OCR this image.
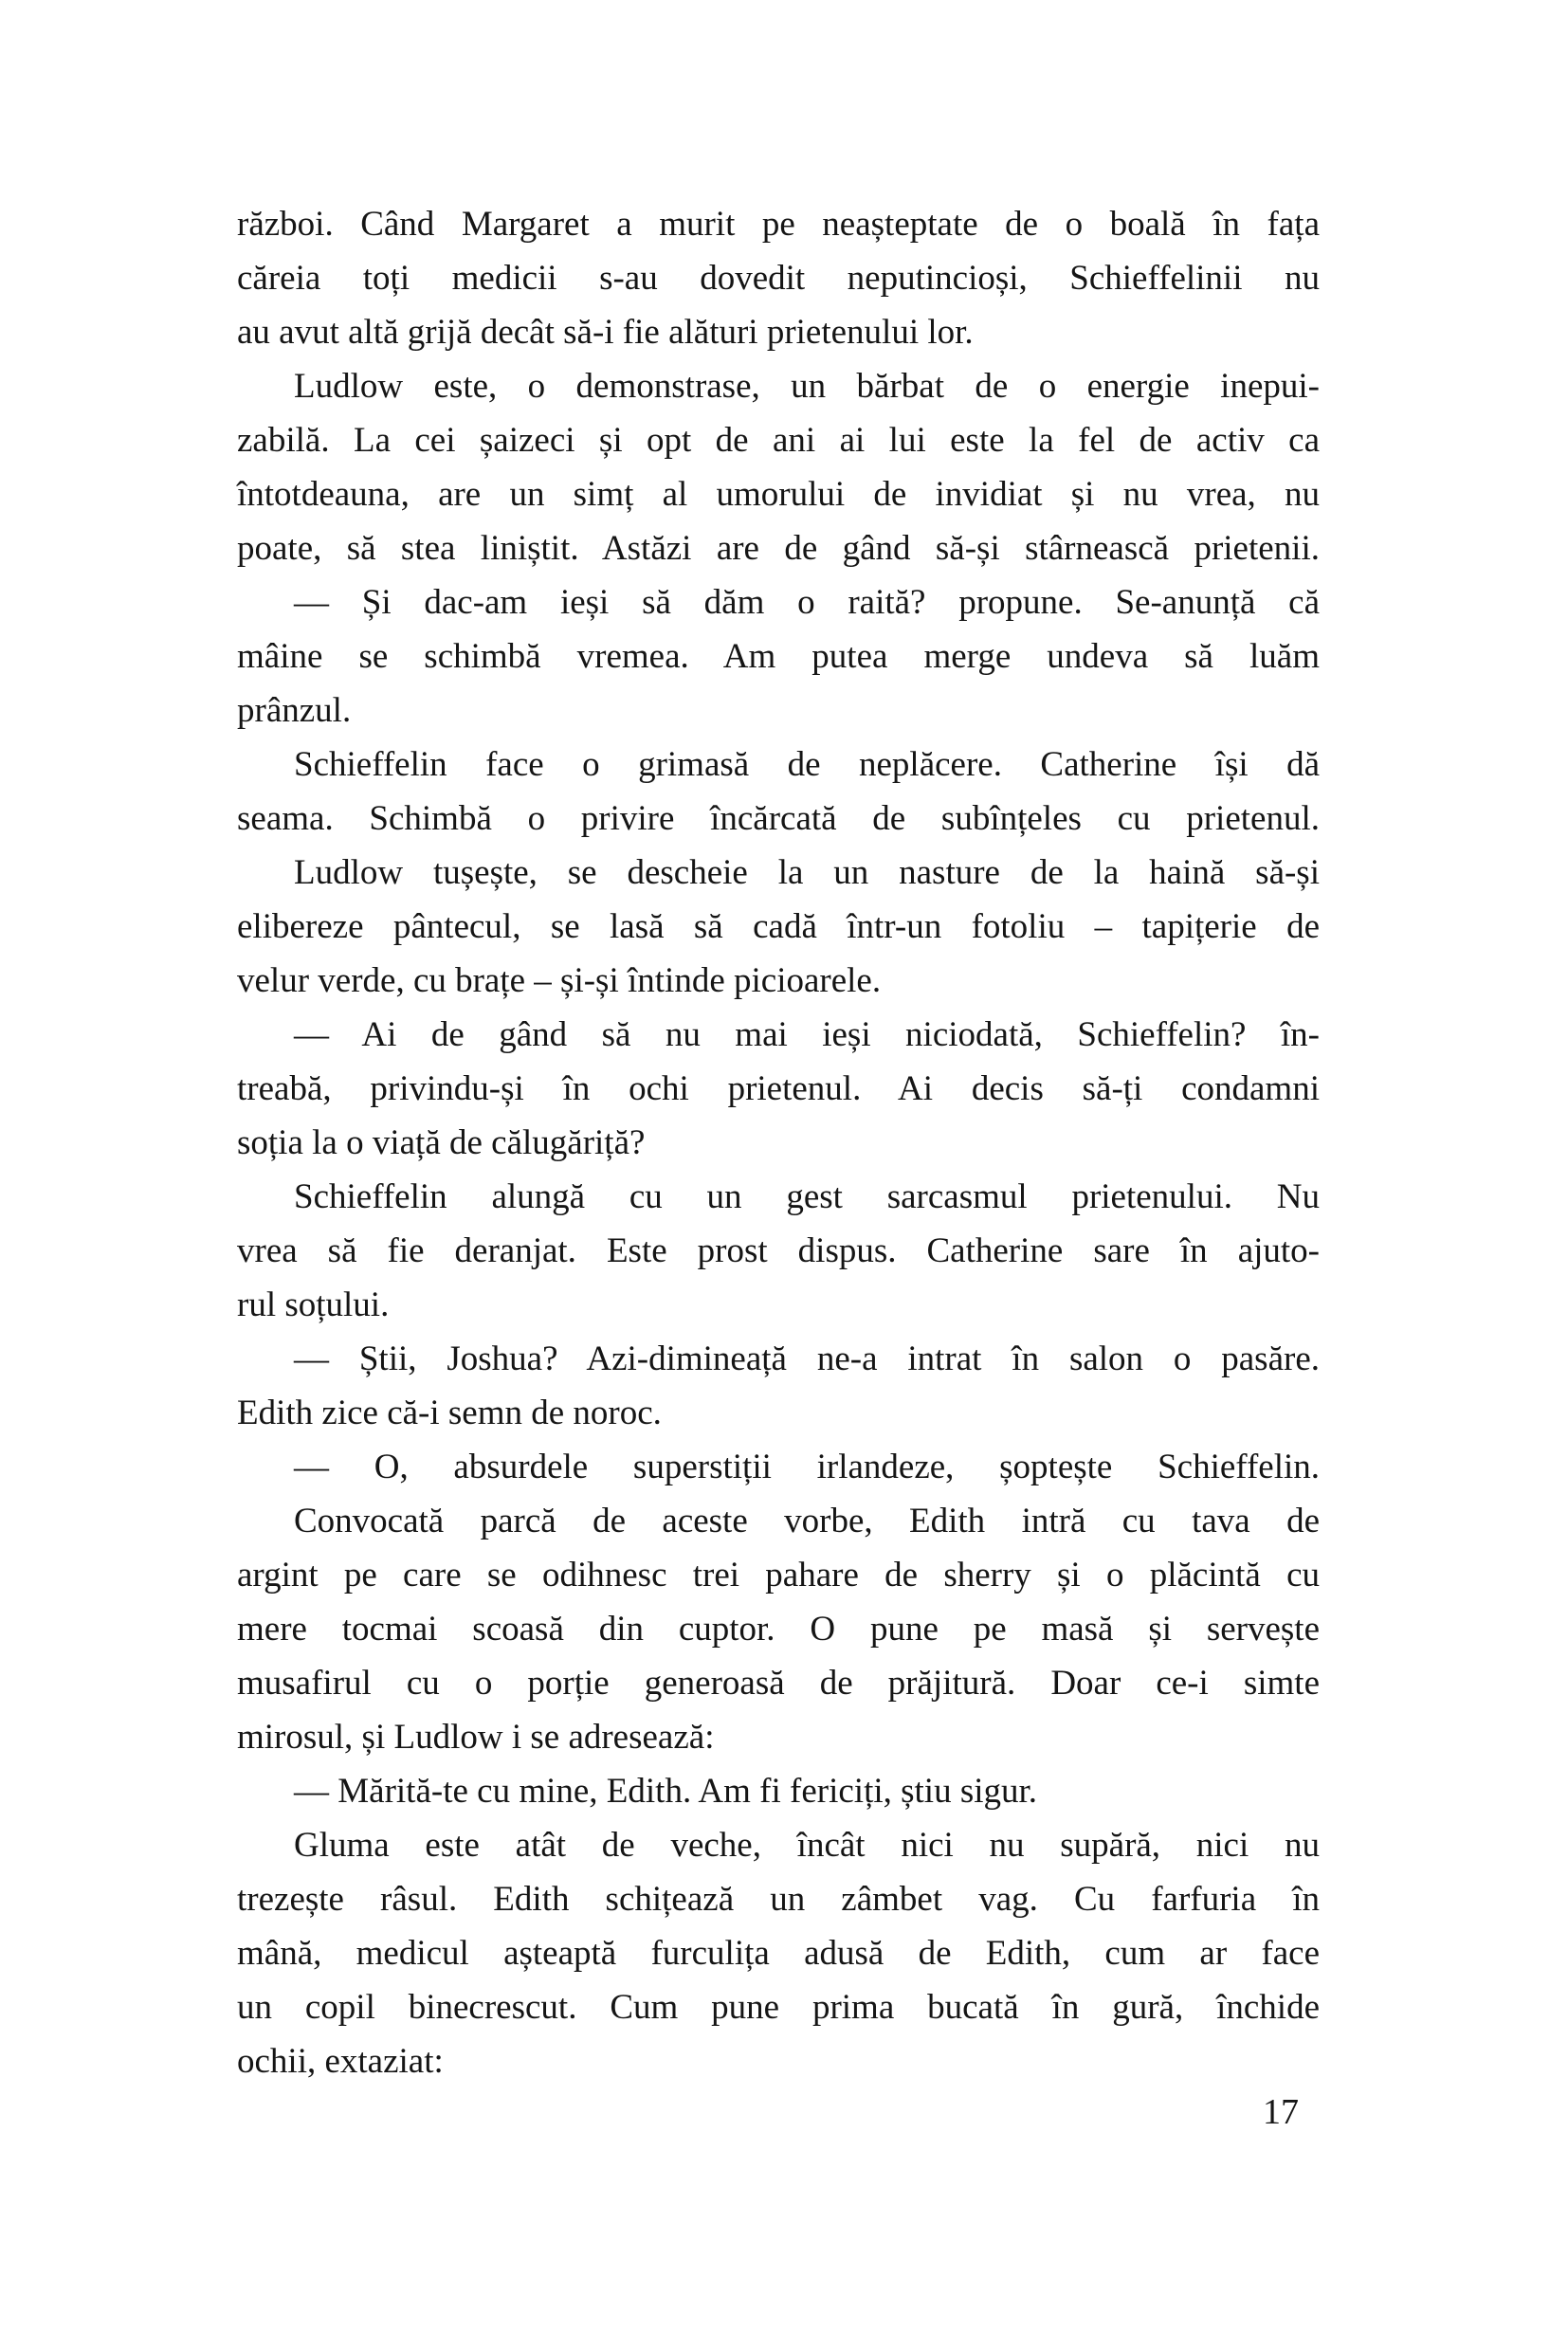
război. Când Margaret a murit pe neașteptate de o boală în fața
căreia toți medicii s-au dovedit neputincioși, Schieffelinii nu
au avut altă grijă decât să-i fie alături prietenului lor.
Ludlow este, o demonstrase, un bărbat de o energie inepui-
zabilă. La cei șaizeci și opt de ani ai lui este la fel de activ ca
întotdeauna, are un simț al umorului de invidiat și nu vrea, nu
poate, să stea liniștit. Astăzi are de gând să-și stârnească prietenii.
— Și dac-am ieși să dăm o raită? propune. Se-anunță că
mâine se schimbă vremea. Am putea merge undeva să luăm
prânzul.
Schieffelin face o grimasă de neplăcere. Catherine își dă
seama. Schimbă o privire încărcată de subînțeles cu prietenul.
Ludlow tușește, se descheie la un nasture de la haină să-și
elibereze pântecul, se lasă să cadă într-un fotoliu – tapițerie de
velur verde, cu brațe – și-și întinde picioarele.
— Ai de gând să nu mai ieși niciodată, Schieffelin? în-
treabă, privindu-și în ochi prietenul. Ai decis să-ți condamni
soția la o viață de călugăriță?
Schieffelin alungă cu un gest sarcasmul prietenului. Nu
vrea să fie deranjat. Este prost dispus. Catherine sare în ajuto-
rul soțului.
— Știi, Joshua? Azi-dimineață ne-a intrat în salon o pasăre.
Edith zice că-i semn de noroc.
— O, absurdele superstiții irlandeze, șoptește Schieffelin.
Convocată parcă de aceste vorbe, Edith intră cu tava de
argint pe care se odihnesc trei pahare de sherry și o plăcintă cu
mere tocmai scoasă din cuptor. O pune pe masă și servește
musafirul cu o porție generoasă de prăjitură. Doar ce-i simte
mirosul, și Ludlow i se adresează:
— Mărită-te cu mine, Edith. Am fi fericiți, știu sigur.
Gluma este atât de veche, încât nici nu supără, nici nu
trezește râsul. Edith schițează un zâmbet vag. Cu farfuria în
mână, medicul așteaptă furculița adusă de Edith, cum ar face
un copil binecrescut. Cum pune prima bucată în gură, închide
ochii, extaziat:
17
